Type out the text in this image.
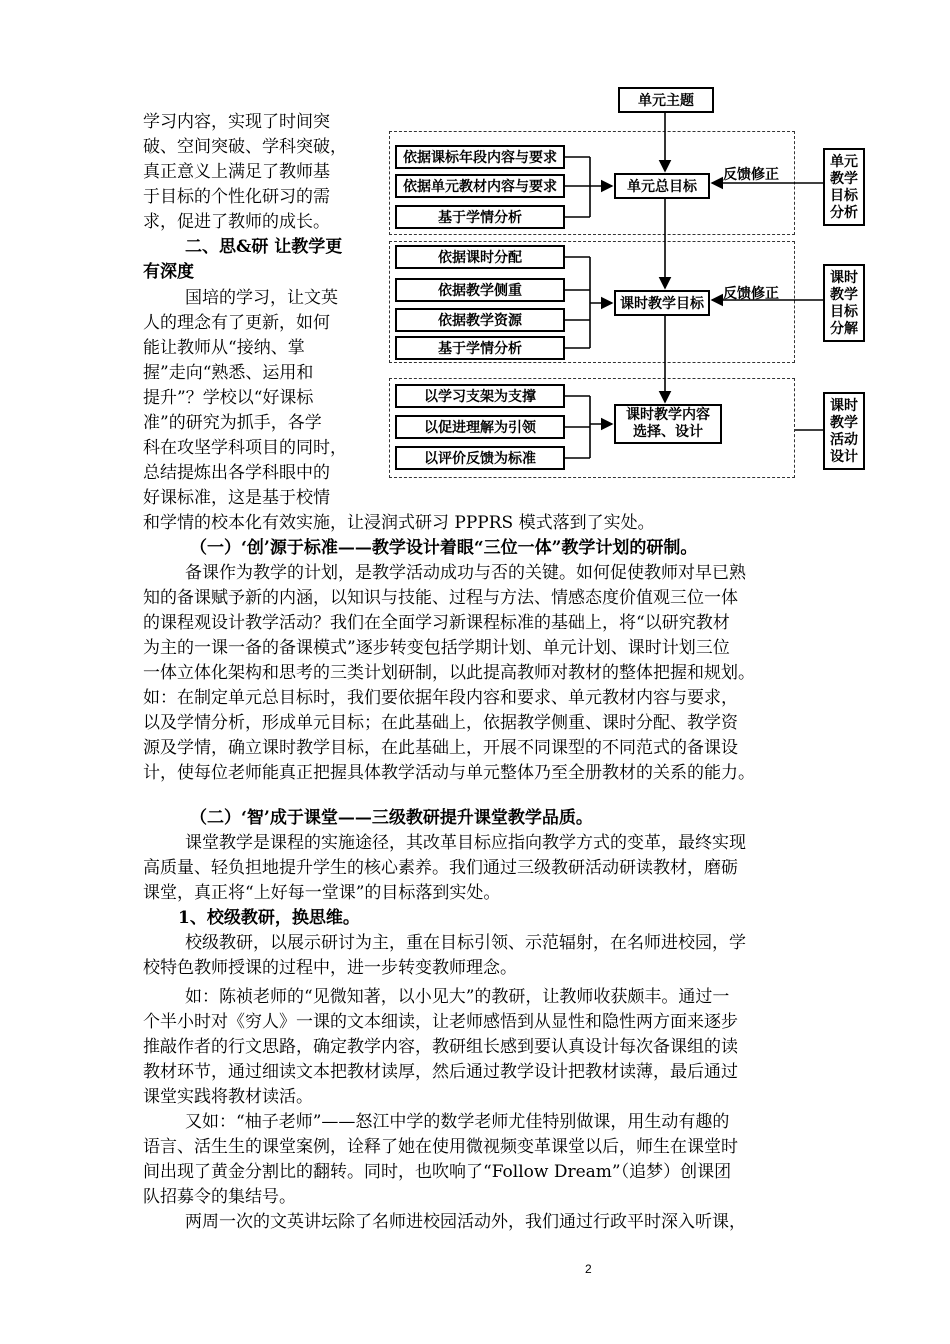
单元主题
依据课标年段内容与要求
依据单元教材内容与要求
基于学情分析
单元总目标
反馈修正
单元
教学
目标
分析
依据课时分配
依据教学侧重
依据教学资源
基于学情分析
课时教学目标
反馈修正
课时
教学
目标
分解
以学习支架为支撑
以促进理解为引领
以评价反馈为标准
课时教学内容
选择、设计
课时
教学
活动
设计

学习内容，实现了时间突

破、空间突破、学科突破，

真正意义上满足了教师基

于目标的个性化研习的需

求，促进了教师的成长。

二、思&研 让教学更

有深度

国培的学习，让文英

人的理念有了更新，如何

能让教师从“接纳、掌

握”走向“熟悉、运用和

提升”？学校以“好课标

准”的研究为抓手，各学

科在攻坚学科项目的同时，

总结提炼出各学科眼中的

好课标准，这是基于校情

和学情的校本化有效实施，让浸润式研习 PPPRS 模式落到了实处。

（一）‘创’源于标准——教学设计着眼“三位一体”教学计划的研制。

备课作为教学的计划，是教学活动成功与否的关键。如何促使教师对早已熟

知的备课赋予新的内涵，以知识与技能、过程与方法、情感态度价值观三位一体

的课程观设计教学活动？我们在全面学习新课程标准的基础上，将“以研究教材

为主的一课一备的备课模式”逐步转变包括学期计划、单元计划、课时计划三位

一体立体化架构和思考的三类计划研制，以此提高教师对教材的整体把握和规划。

如：在制定单元总目标时，我们要依据年段内容和要求、单元教材内容与要求，

以及学情分析，形成单元目标；在此基础上，依据教学侧重、课时分配、教学资

源及学情，确立课时教学目标，在此基础上，开展不同课型的不同范式的备课设

计，使每位老师能真正把握具体教学活动与单元整体乃至全册教材的关系的能力。

（二）‘智’成于课堂——三级教研提升课堂教学品质。

课堂教学是课程的实施途径，其改革目标应指向教学方式的变革，最终实现

高质量、轻负担地提升学生的核心素养。我们通过三级教研活动研读教材，磨砺

课堂，真正将“上好每一堂课”的目标落到实处。

1、校级教研，换思维。

校级教研，以展示研讨为主，重在目标引领、示范辐射，在名师进校园，学

校特色教师授课的过程中，进一步转变教师理念。

如：陈祯老师的“见微知著，以小见大”的教研，让教师收获颇丰。通过一

个半小时对《穷人》一课的文本细读，让老师感悟到从显性和隐性两方面来逐步

推敲作者的行文思路，确定教学内容，教研组长感到要认真设计每次备课组的读

教材环节，通过细读文本把教材读厚，然后通过教学设计把教材读薄，最后通过

课堂实践将教材读活。

又如：“柚子老师”——怒江中学的数学老师尤佳特别做课，用生动有趣的

语言、活生生的课堂案例，诠释了她在使用微视频变革课堂以后，师生在课堂时

间出现了黄金分割比的翻转。同时，也吹响了“Follow Dream”（追梦）创课团

队招募令的集结号。

两周一次的文英讲坛除了名师进校园活动外，我们通过行政平时深入听课，

2
